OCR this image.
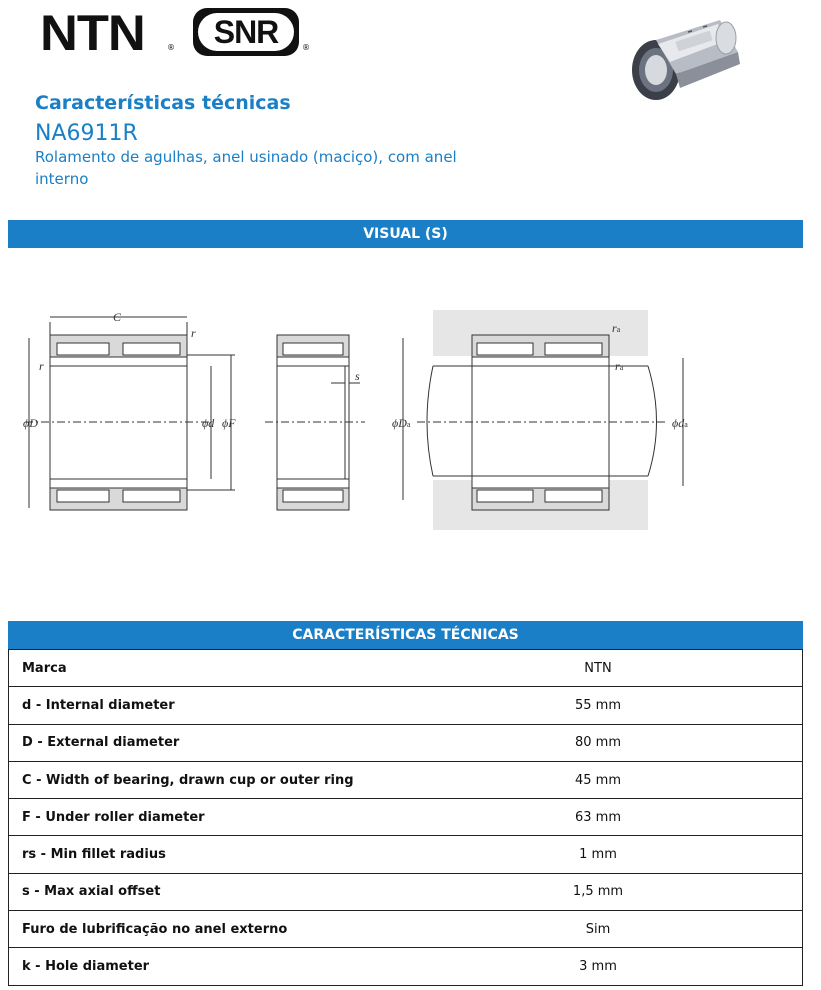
NTN	® SNR	®
Características técnicas
NA6911R
Rolamento de agulhas, anel usinado (maciço), com anel interno
VISUAL (S)
C
r
r
ϕD	ϕd ϕF
s
ra
ra
ϕDa	ϕda
CARACTERÍSTICAS TÉCNICAS
Marca	NTN
d - Internal diameter	55 mm
D - External diameter	80 mm
C - Width of bearing, drawn cup or outer ring	45 mm
F - Under roller diameter	63 mm
rs - Min fillet radius	1 mm
s - Max axial offset	1,5 mm
Furo de lubrificação no anel externo	Sim
k - Hole diameter	3 mm
